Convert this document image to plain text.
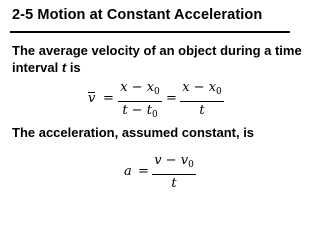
2-5 Motion at Constant Acceleration
The average velocity of an object during a time
interval t is
v =
$x - x_0$
$t - t_0$
=
$x - x_0$
t
The acceleration, assumed constant, is
a =
$v - v_0$
t
